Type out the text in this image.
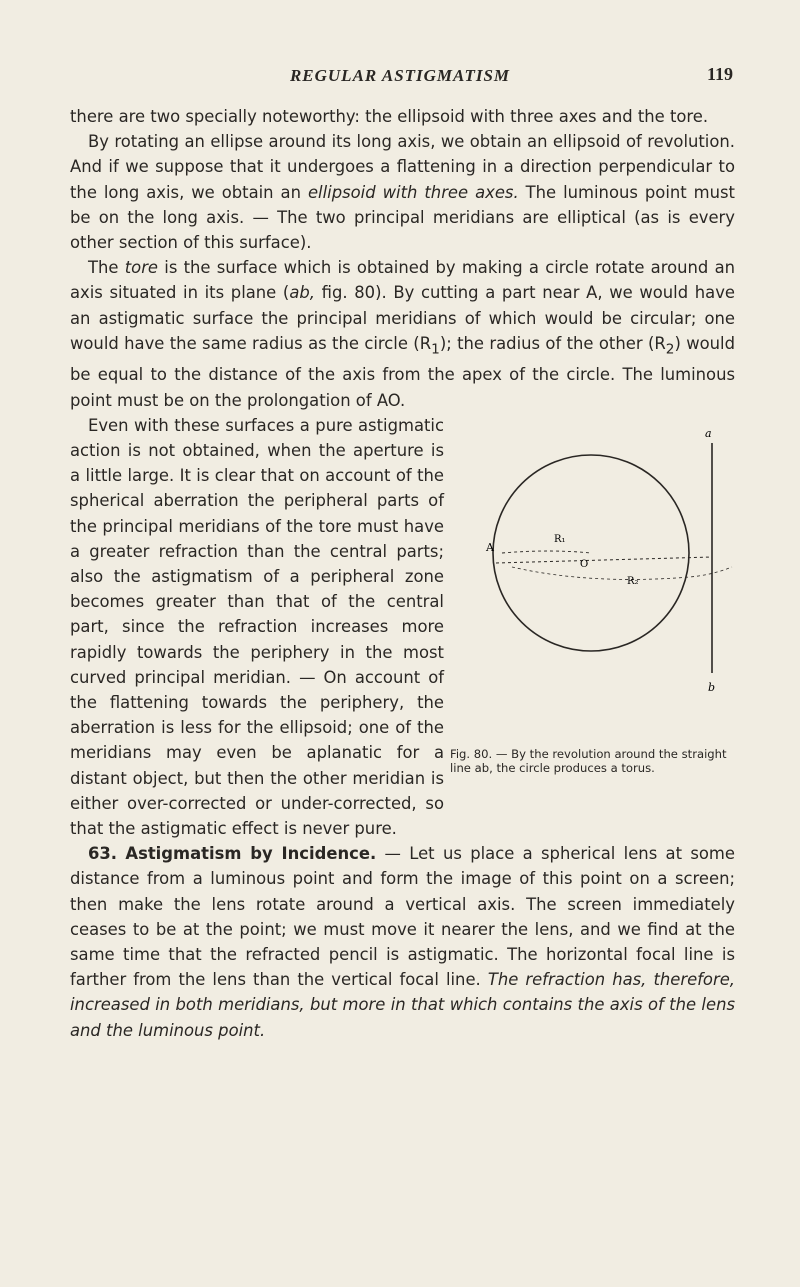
REGULAR ASTIGMATISM	119

there are two specially noteworthy: the ellipsoid with three axes and the tore.

By rotating an ellipse around its long axis, we obtain an ellipsoid of revolution. And if we suppose that it undergoes a flattening in a direction perpendicular to the long axis, we obtain an ellipsoid with three axes. The luminous point must be on the long axis. — The two principal meridians are elliptical (as is every other section of this surface).

The tore is the surface which is obtained by making a circle rotate around an axis situated in its plane (ab, fig. 80). By cutting a part near A, we would have an astigmatic surface the principal meridians of which would be circular; one would have the same radius as the circle $(R_1)$; the radius of the other $(R_2)$ would be equal to the distance of the axis from the apex of the circle. The luminous point must be on the prolongation of AO.

a
b
A
O
R₁
R₂
Fig. 80. — By the revolution around the straight line ab, the circle produces a torus.

Even with these surfaces a pure astigmatic action is not obtained, when the aperture is a little large. It is clear that on account of the spherical aberration the peripheral parts of the principal meridians of the tore must have a greater refraction than the central parts; also the astigmatism of a peripheral zone becomes greater than that of the central part, since the refraction increases more rapidly towards the periphery in the most curved principal meridian. — On account of the flattening towards the periphery, the aberration is less for the ellipsoid; one of the meridians may even be aplanatic for a distant object, but then the other meridian is either over-corrected or under-corrected, so that the astigmatic effect is never pure.

63. Astigmatism by Incidence. — Let us place a spherical lens at some distance from a luminous point and form the image of this point on a screen; then make the lens rotate around a vertical axis. The screen immediately ceases to be at the point; we must move it nearer the lens, and we find at the same time that the refracted pencil is astigmatic. The horizontal focal line is farther from the lens than the vertical focal line. The refraction has, therefore, increased in both meridians, but more in that which contains the axis of the lens and the luminous point.
